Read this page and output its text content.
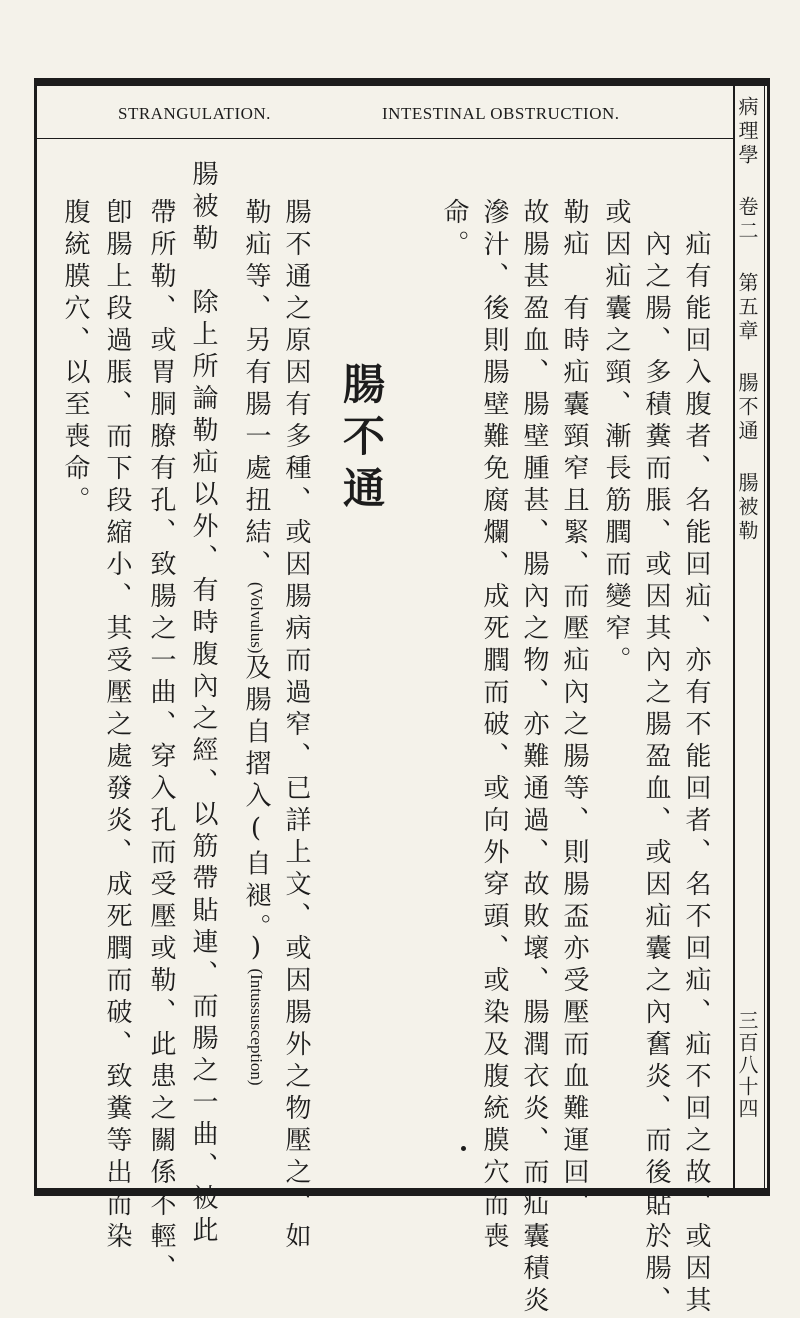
STRANGULATION.	INTESTINAL OBSTRUCTION.	病理學 卷二 第五章 腸不通 腸被勒
三百八十四
疝有能回入腹者、名能回疝、亦有不能回者、名不回疝、疝不回之故、或因其
內之腸、多積糞而脹、或因其內之腸盈血、或因疝囊之內𡚒炎、而後貼於腸、
或因疝囊之頸、漸長筋膶而變窄。
勒疝　有時疝囊頸窄且緊、而壓疝內之腸等、則腸盃亦受壓而血難運回、
故腸甚盈血、腸壁腫甚、腸內之物、亦難通過、故敗壞、腸潤衣炎、而疝囊積炎
滲汁、後則腸壁難免腐爛、成死膶而破、或向外穿頭、或染及腹統膜穴而喪
命。
腸不通
腸不通之原因有多種、或因腸病而過窄、已詳上文、或因腸外之物壓之、如
勒疝等、另有腸一處扭結、(Volvulus)及腸自摺入(自褪。)(Intussusception)
腸被勒　除上所論勒疝以外、有時腹內之經、以筋帶貼連、而腸之一曲、被此
帶所勒、或胃胴膫有孔、致腸之一曲、穿入孔而受壓或勒、此患之關係不輕、
卽腸上段過脹、而下段縮小、其受壓之處發炎、成死膶而破、致糞等出而染
腹統膜穴、以至喪命。
